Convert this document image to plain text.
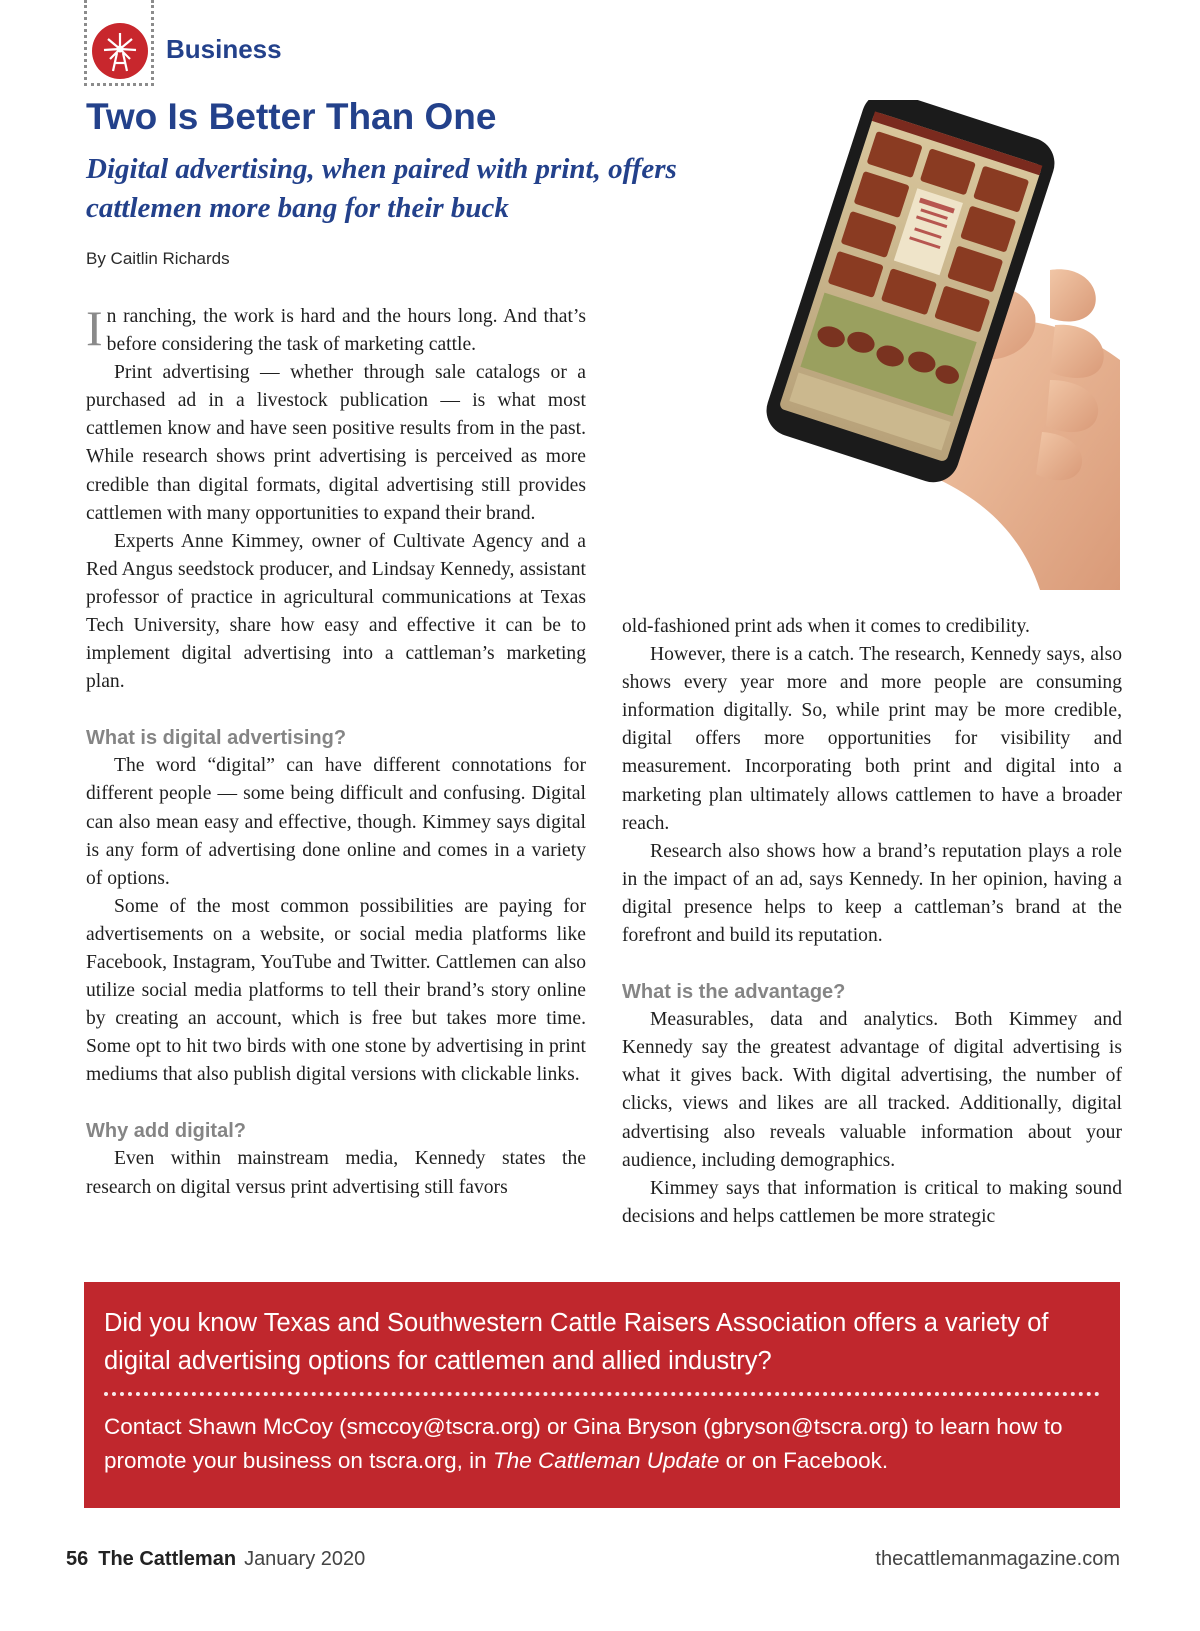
Business
Two Is Better Than One
Digital advertising, when paired with print, offers cattlemen more bang for their buck
By Caitlin Richards

In ranching, the work is hard and the hours long. And that’s before considering the task of marketing cattle.

Print advertising — whether through sale catalogs or a purchased ad in a livestock publication — is what most cattlemen know and have seen positive results from in the past. While research shows print advertising is perceived as more credible than digital formats, digital advertising still provides cattlemen with many opportunities to expand their brand.

Experts Anne Kimmey, owner of Cultivate Agency and a Red Angus seedstock producer, and Lindsay Kennedy, assistant professor of practice in agricultural communications at Texas Tech University, share how easy and effective it can be to implement digital advertising into a cattleman’s marketing plan.

What is digital advertising?

The word “digital” can have different connotations for different people — some being difficult and confusing. Digital can also mean easy and effective, though. Kimmey says digital is any form of advertising done online and comes in a variety of options.

Some of the most common possibilities are paying for advertisements on a website, or social media platforms like Facebook, Instagram, YouTube and Twitter. Cattlemen can also utilize social media platforms to tell their brand’s story online by creating an account, which is free but takes more time. Some opt to hit two birds with one stone by advertising in print mediums that also publish digital versions with clickable links.

Why add digital?

Even within mainstream media, Kennedy states the research on digital versus print advertising still favors

old-fashioned print ads when it comes to credibility.

However, there is a catch. The research, Kennedy says, also shows every year more and more people are consuming information digitally. So, while print may be more credible, digital offers more opportunities for visibility and measurement. Incorporating both print and digital into a marketing plan ultimately allows cattlemen to have a broader reach.

Research also shows how a brand’s reputation plays a role in the impact of an ad, says Kennedy. In her opinion, having a digital presence helps to keep a cattleman’s brand at the forefront and build its reputation.

What is the advantage?

Measurables, data and analytics. Both Kimmey and Kennedy say the greatest advantage of digital advertising is what it gives back. With digital advertising, the number of clicks, views and likes are all tracked. Additionally, digital advertising also reveals valuable information about your audience, including demographics.

Kimmey says that information is critical to making sound decisions and helps cattlemen be more strategic

Did you know Texas and Southwestern Cattle Raisers Association offers a variety of digital advertising options for cattlemen and allied industry?
Contact Shawn McCoy (smccoy@tscra.org) or Gina Bryson (gbryson@tscra.org) to learn how to promote your business on tscra.org, in The Cattleman Update or on Facebook.
56 The Cattleman January 2020	thecattlemanmagazine.com
